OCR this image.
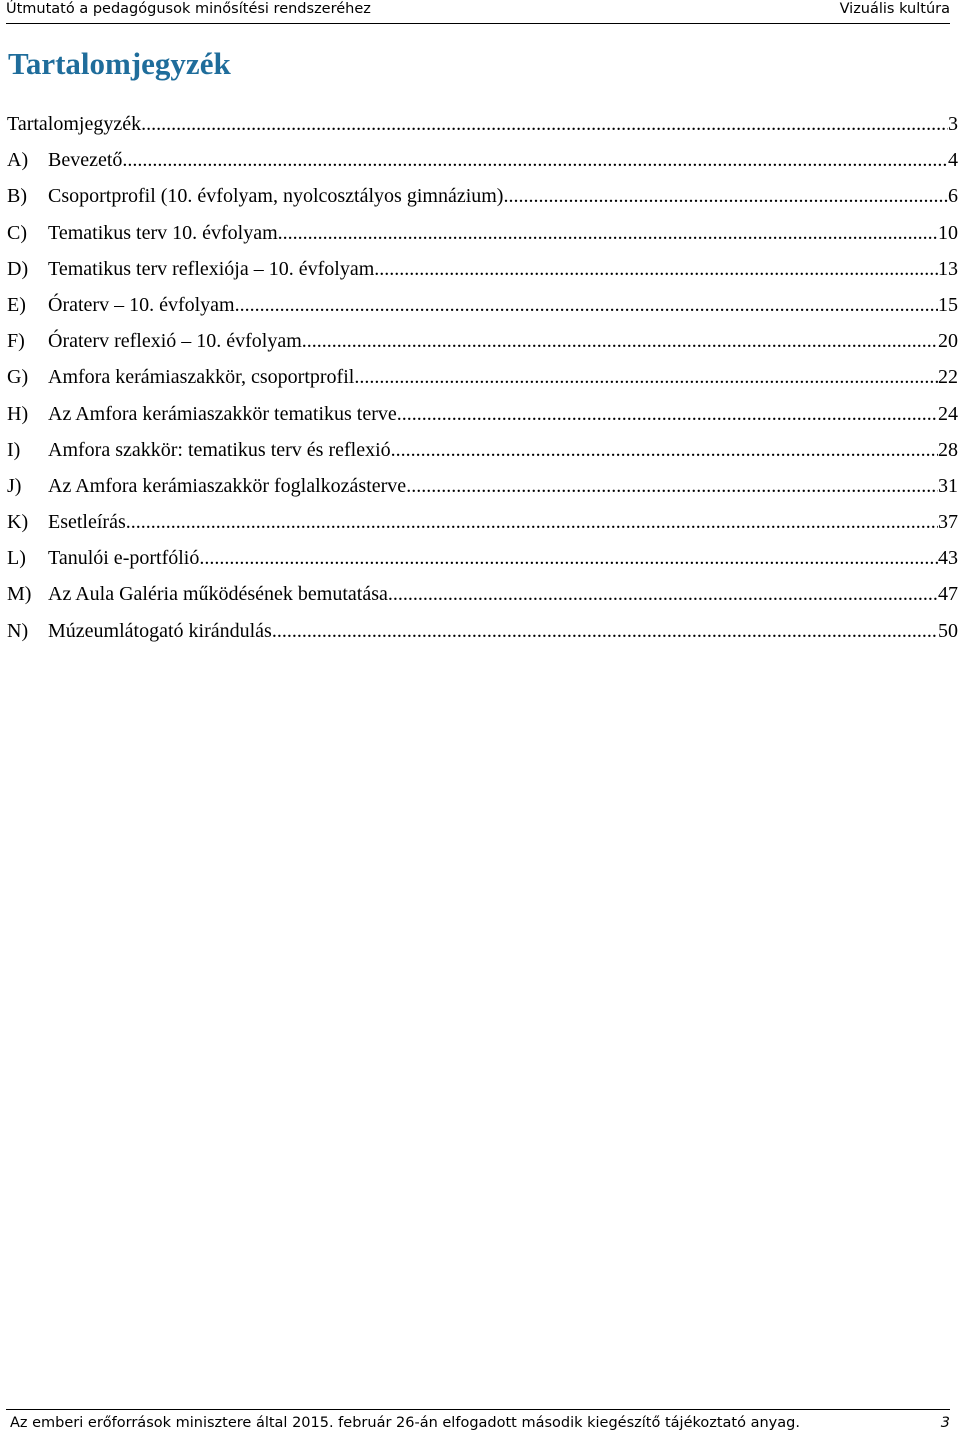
Útmutató a pedagógusok minősítési rendszeréhez	Vizuális kultúra
Tartalomjegyzék
Tartalomjegyzék .....	3
A) Bevezető .....	4
B)	Csoportprofil (10. évfolyam, nyolcosztályos gimnázium) .....	6
C)	Tematikus terv 10. évfolyam .....	10
D) Tematikus terv reflexiója – 10. évfolyam .....	13
E)	Óraterv – 10. évfolyam .....	15
F)	Óraterv reflexió – 10. évfolyam .....	20
G) Amfora kerámiaszakkör, csoportprofil .....	22
H) Az Amfora kerámiaszakkör tematikus terve .....	24
I)	Amfora szakkör: tematikus terv és reflexió .....	28
J)	Az Amfora kerámiaszakkör foglalkozásterve .....	31
K) Esetleírás .....	37
L)	Tanulói e-portfólió .....	43
M) Az Aula Galéria működésének bemutatása .....	47
N) Múzeumlátogató kirándulás .....	50
Az emberi erőforrások minisztere által 2015. február 26-án elfogadott második kiegészítő tájékoztató anyag.	3
